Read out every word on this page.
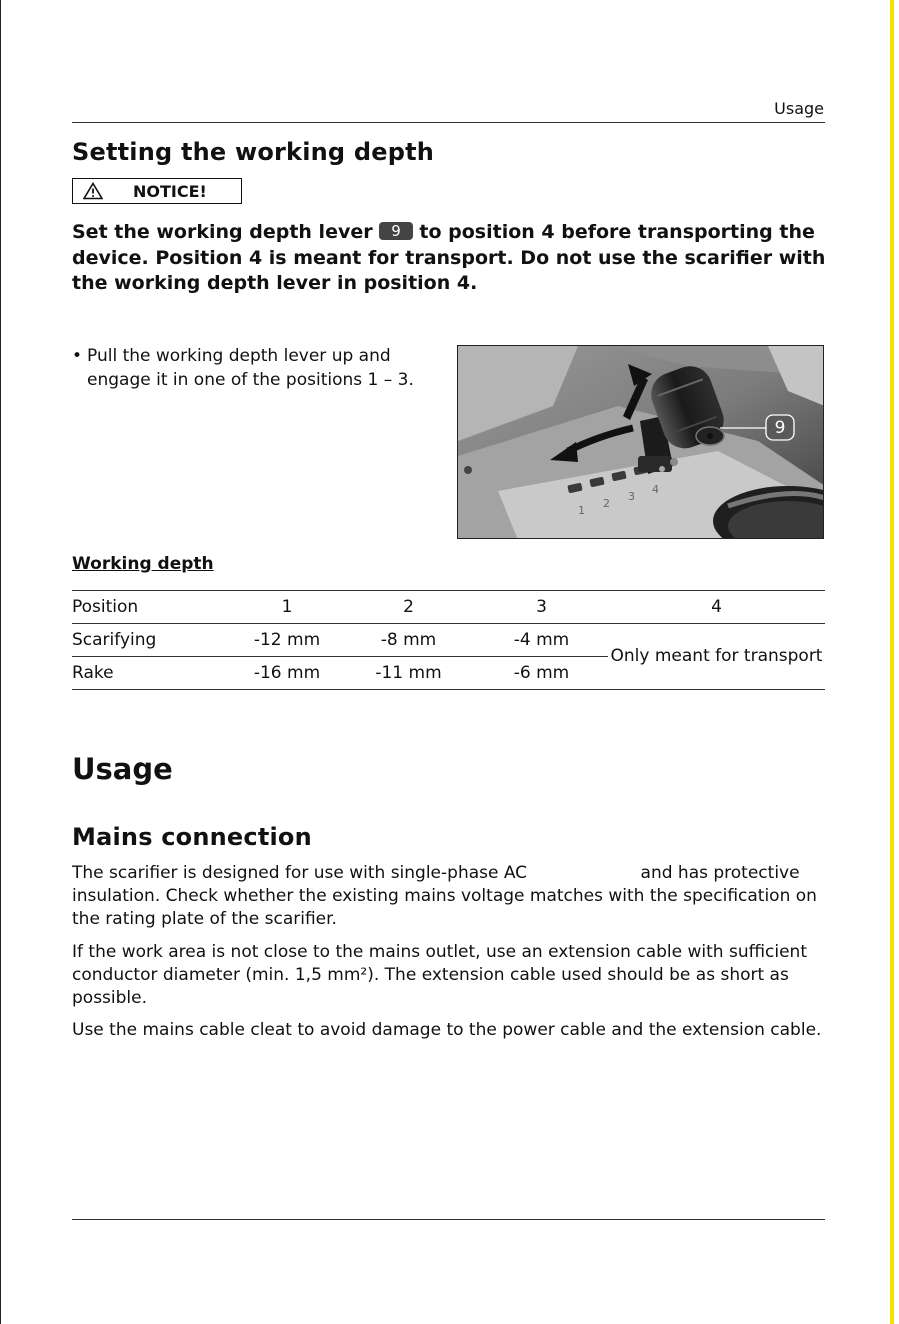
Usage
Setting the working depth
NOTICE!
Set the working depth lever 9 to position 4 before transporting the device. Position 4 is meant for transport. Do not use the scarifier with the working depth lever in position 4.
• Pull the working depth lever up and engage it in one of the positions 1 – 3.
1
2
3
4
9
Working depth
Position	1	2	3	4
Scarifying	-12 mm	-8 mm	-4 mm	Only meant for transport
Rake	-16 mm	-11 mm	-6 mm	
Usage
Mains connection
The scarifier is designed for use with single-phase AC                     and has protective insulation. Check whether the existing mains voltage matches with the specification on the rating plate of the scarifier.
If the work area is not close to the mains outlet, use an extension cable with sufficient conductor diameter (min. 1,5 mm²). The extension cable used should be as short as possible.
Use the mains cable cleat to avoid damage to the power cable and the extension cable.
